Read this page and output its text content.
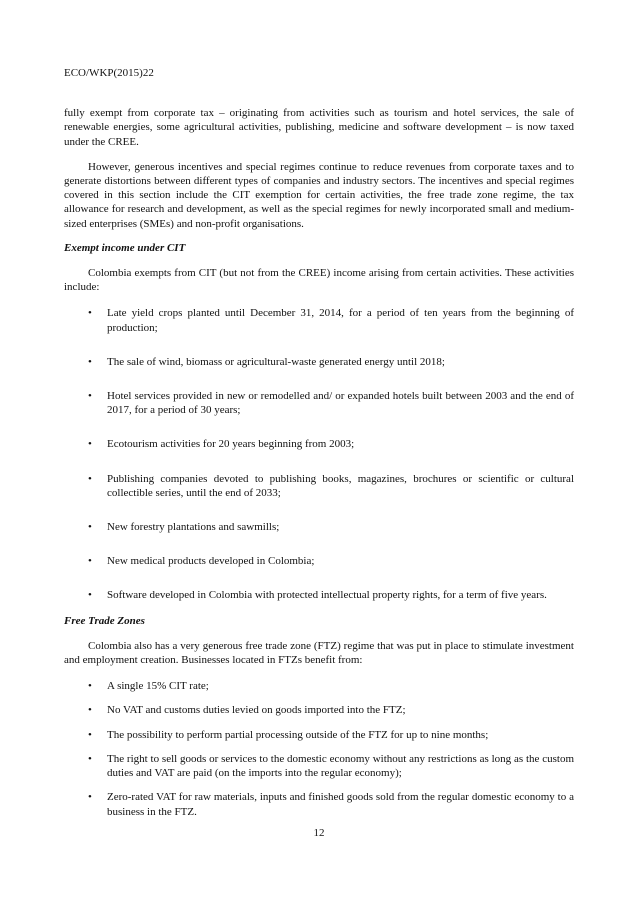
ECO/WKP(2015)22

fully exempt from corporate tax – originating from activities such as tourism and hotel services, the sale of renewable energies, some agricultural activities, publishing, medicine and software development – is now taxed under the CREE.

However, generous incentives and special regimes continue to reduce revenues from corporate taxes and to generate distortions between different types of companies and industry sectors. The incentives and special regimes covered in this section include the CIT exemption for certain activities, the free trade zone regime, the tax allowance for research and development, as well as the special regimes for newly incorporated small and medium-sized enterprises (SMEs) and non-profit organisations.

Exempt income under CIT

Colombia exempts from CIT (but not from the CREE) income arising from certain activities. These activities include:

• Late yield crops planted until December 31, 2014, for a period of ten years from the beginning of production;
• The sale of wind, biomass or agricultural-waste generated energy until 2018;
• Hotel services provided in new or remodelled and/ or expanded hotels built between 2003 and the end of 2017, for a period of 30 years;
• Ecotourism activities for 20 years beginning from 2003;
• Publishing companies devoted to publishing books, magazines, brochures or scientific or cultural collectible series, until the end of 2033;
• New forestry plantations and sawmills;
• New medical products developed in Colombia;
• Software developed in Colombia with protected intellectual property rights, for a term of five years.
Free Trade Zones

Colombia also has a very generous free trade zone (FTZ) regime that was put in place to stimulate investment and employment creation. Businesses located in FTZs benefit from:

• A single 15% CIT rate;
• No VAT and customs duties levied on goods imported into the FTZ;
• The possibility to perform partial processing outside of the FTZ for up to nine months;
• The right to sell goods or services to the domestic economy without any restrictions as long as the custom duties and VAT are paid (on the imports into the regular economy);
• Zero-rated VAT for raw materials, inputs and finished goods sold from the regular domestic economy to a business in the FTZ.
12
